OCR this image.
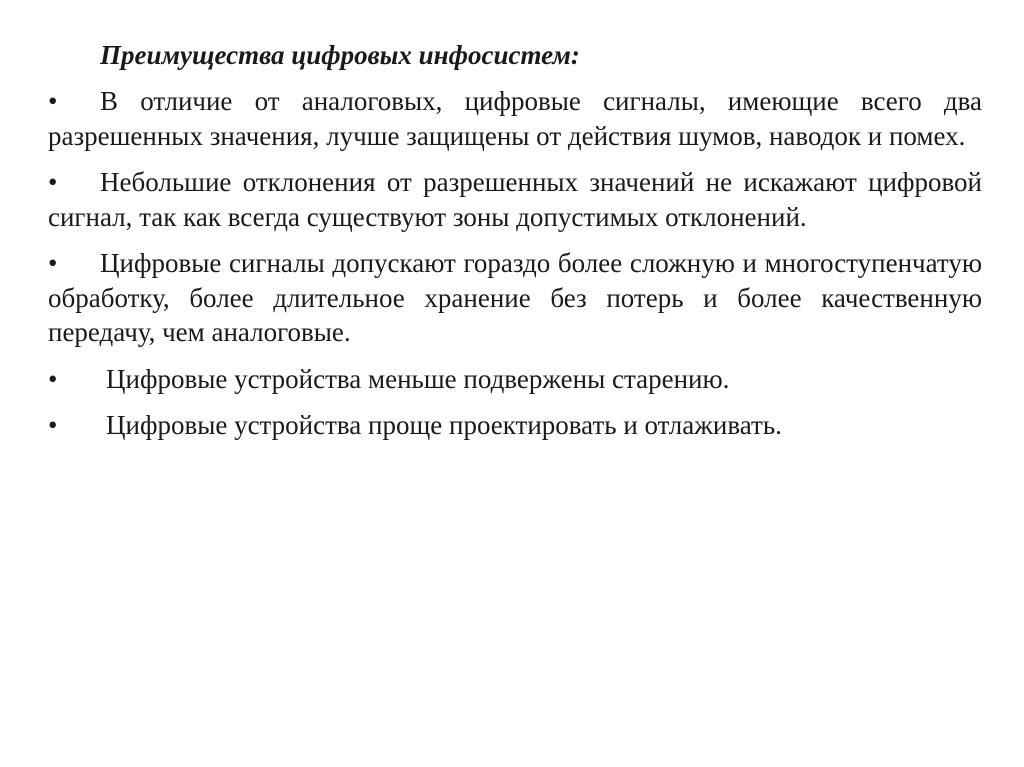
Преимущества цифровых инфосистем:
• В отличие от аналоговых, цифровые сигналы, имеющие всего два разрешенных значения, лучше защищены от действия шумов, наводок и помех.
• Небольшие отклонения от разрешенных значений не искажают цифровой сигнал, так как всегда существуют зоны допустимых отклонений.
• Цифровые сигналы допускают гораздо более сложную и многоступенчатую обработку, более длительное хранение без потерь и более качественную передачу, чем аналоговые.
• Цифровые устройства меньше подвержены старению.
• Цифровые устройства проще проектировать и отлаживать.
